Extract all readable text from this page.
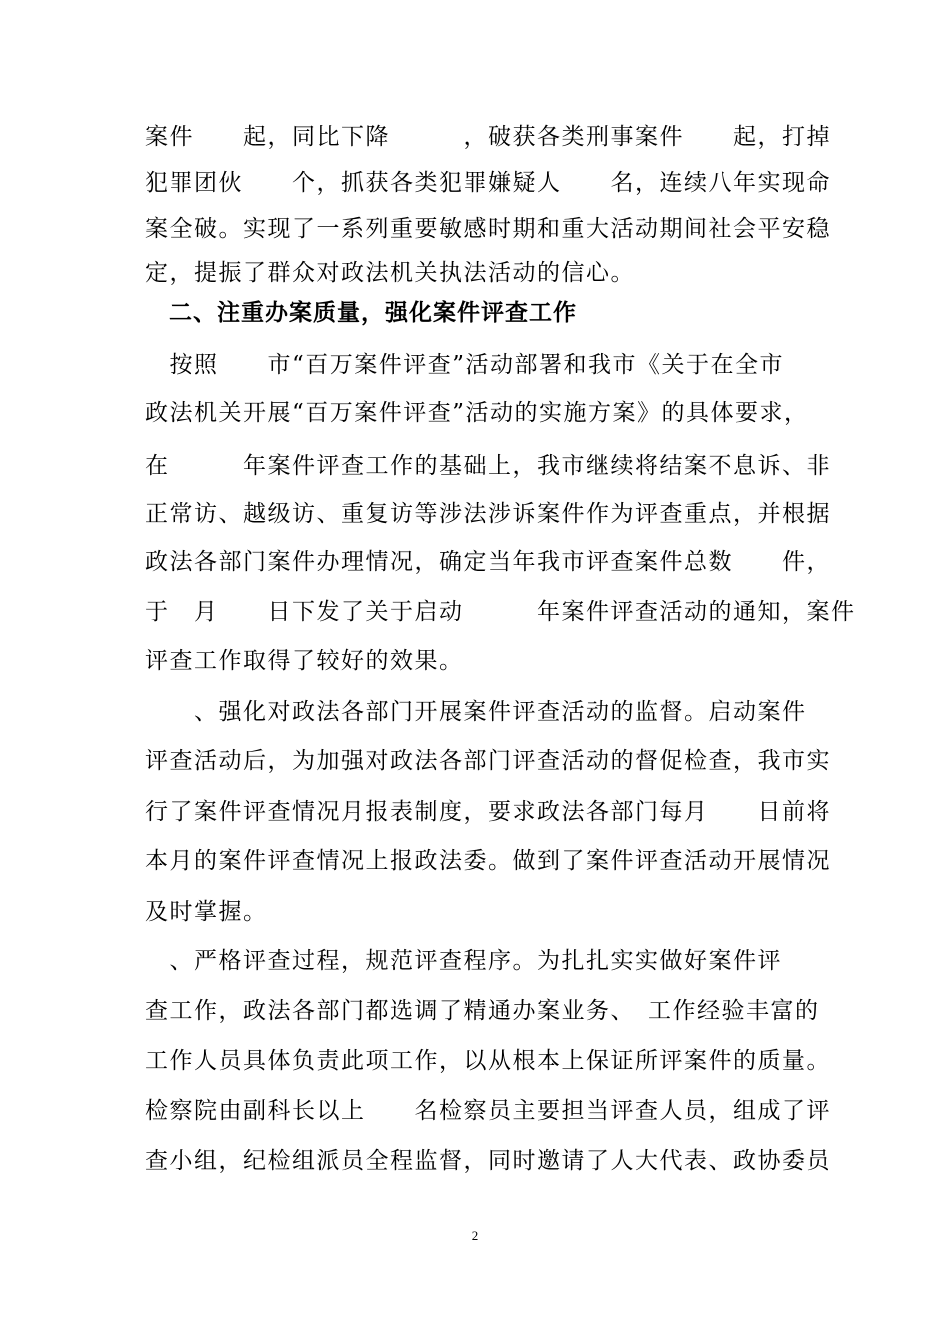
案件　　起，同比下降　　　，破获各类刑事案件　　起，打掉
犯罪团伙　　个，抓获各类犯罪嫌疑人　　名，连续八年实现命
案全破。实现了一系列重要敏感时期和重大活动期间社会平安稳
定，提振了群众对政法机关执法活动的信心。
　二、注重办案质量，强化案件评查工作
　按照　　市“百万案件评查”活动部署和我市《关于在全市
政法机关开展“百万案件评查”活动的实施方案》的具体要求，
在　　　年案件评查工作的基础上，我市继续将结案不息诉、非
正常访、越级访、重复访等涉法涉诉案件作为评查重点，并根据
政法各部门案件办理情况，确定当年我市评查案件总数　　件，
于　月　　日下发了关于启动　　　年案件评查活动的通知，案件
评查工作取得了较好的效果。
　　、强化对政法各部门开展案件评查活动的监督。启动案件
评查活动后，为加强对政法各部门评查活动的督促检查，我市实
行了案件评查情况月报表制度，要求政法各部门每月　　日前将
本月的案件评查情况上报政法委。做到了案件评查活动开展情况
及时掌握。
　、严格评查过程，规范评查程序。为扎扎实实做好案件评
查工作，政法各部门都选调了精通办案业务、　工作经验丰富的
工作人员具体负责此项工作，以从根本上保证所评案件的质量。
检察院由副科长以上　　名检察员主要担当评查人员，组成了评
查小组，纪检组派员全程监督，同时邀请了人大代表、政协委员
2
